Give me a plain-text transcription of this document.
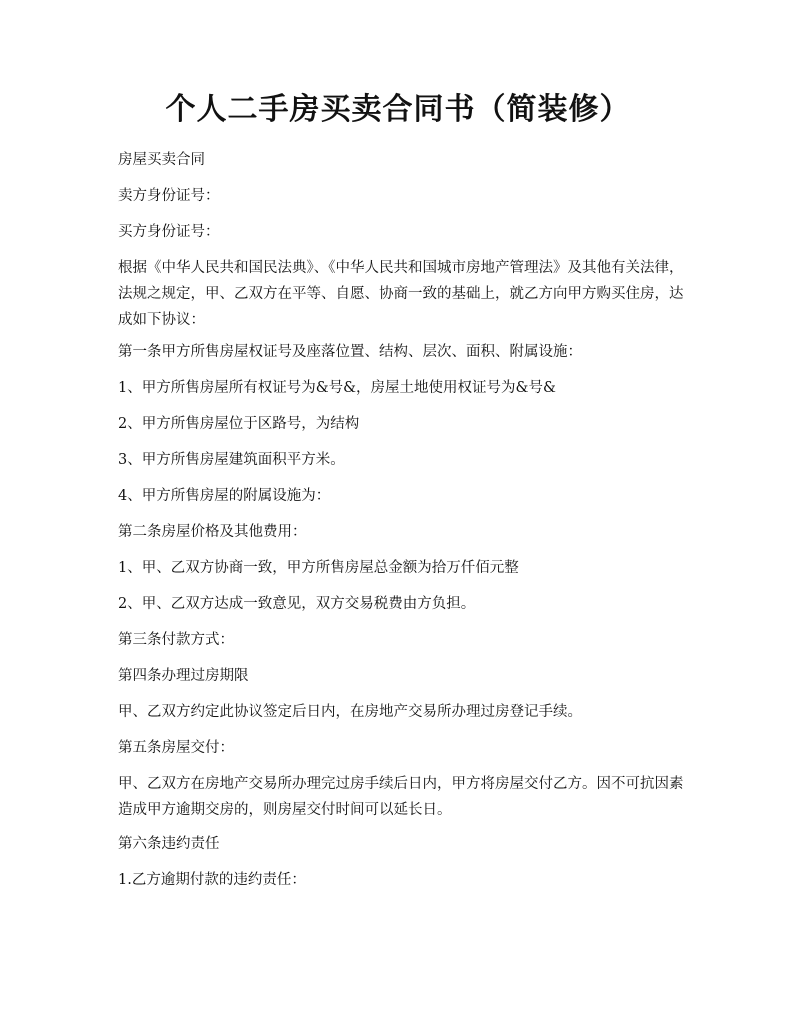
个人二手房买卖合同书（简装修）

房屋买卖合同

卖方身份证号：

买方身份证号：

根据《中华人民共和国民法典》、《中华人民共和国城市房地产管理法》及其他有关法律，法规之规定，甲、乙双方在平等、自愿、协商一致的基础上，就乙方向甲方购买住房，达成如下协议：

第一条甲方所售房屋权证号及座落位置、结构、层次、面积、附属设施：

1、甲方所售房屋所有权证号为&号&，房屋土地使用权证号为&号&

2、甲方所售房屋位于区路号，为结构

3、甲方所售房屋建筑面积平方米。

4、甲方所售房屋的附属设施为：

第二条房屋价格及其他费用：

1、甲、乙双方协商一致，甲方所售房屋总金额为拾万仟佰元整

2、甲、乙双方达成一致意见，双方交易税费由方负担。

第三条付款方式：

第四条办理过房期限

甲、乙双方约定此协议签定后日内，在房地产交易所办理过房登记手续。

第五条房屋交付：

甲、乙双方在房地产交易所办理完过房手续后日内，甲方将房屋交付乙方。因不可抗因素造成甲方逾期交房的，则房屋交付时间可以延长日。

第六条违约责任

1.乙方逾期付款的违约责任：
